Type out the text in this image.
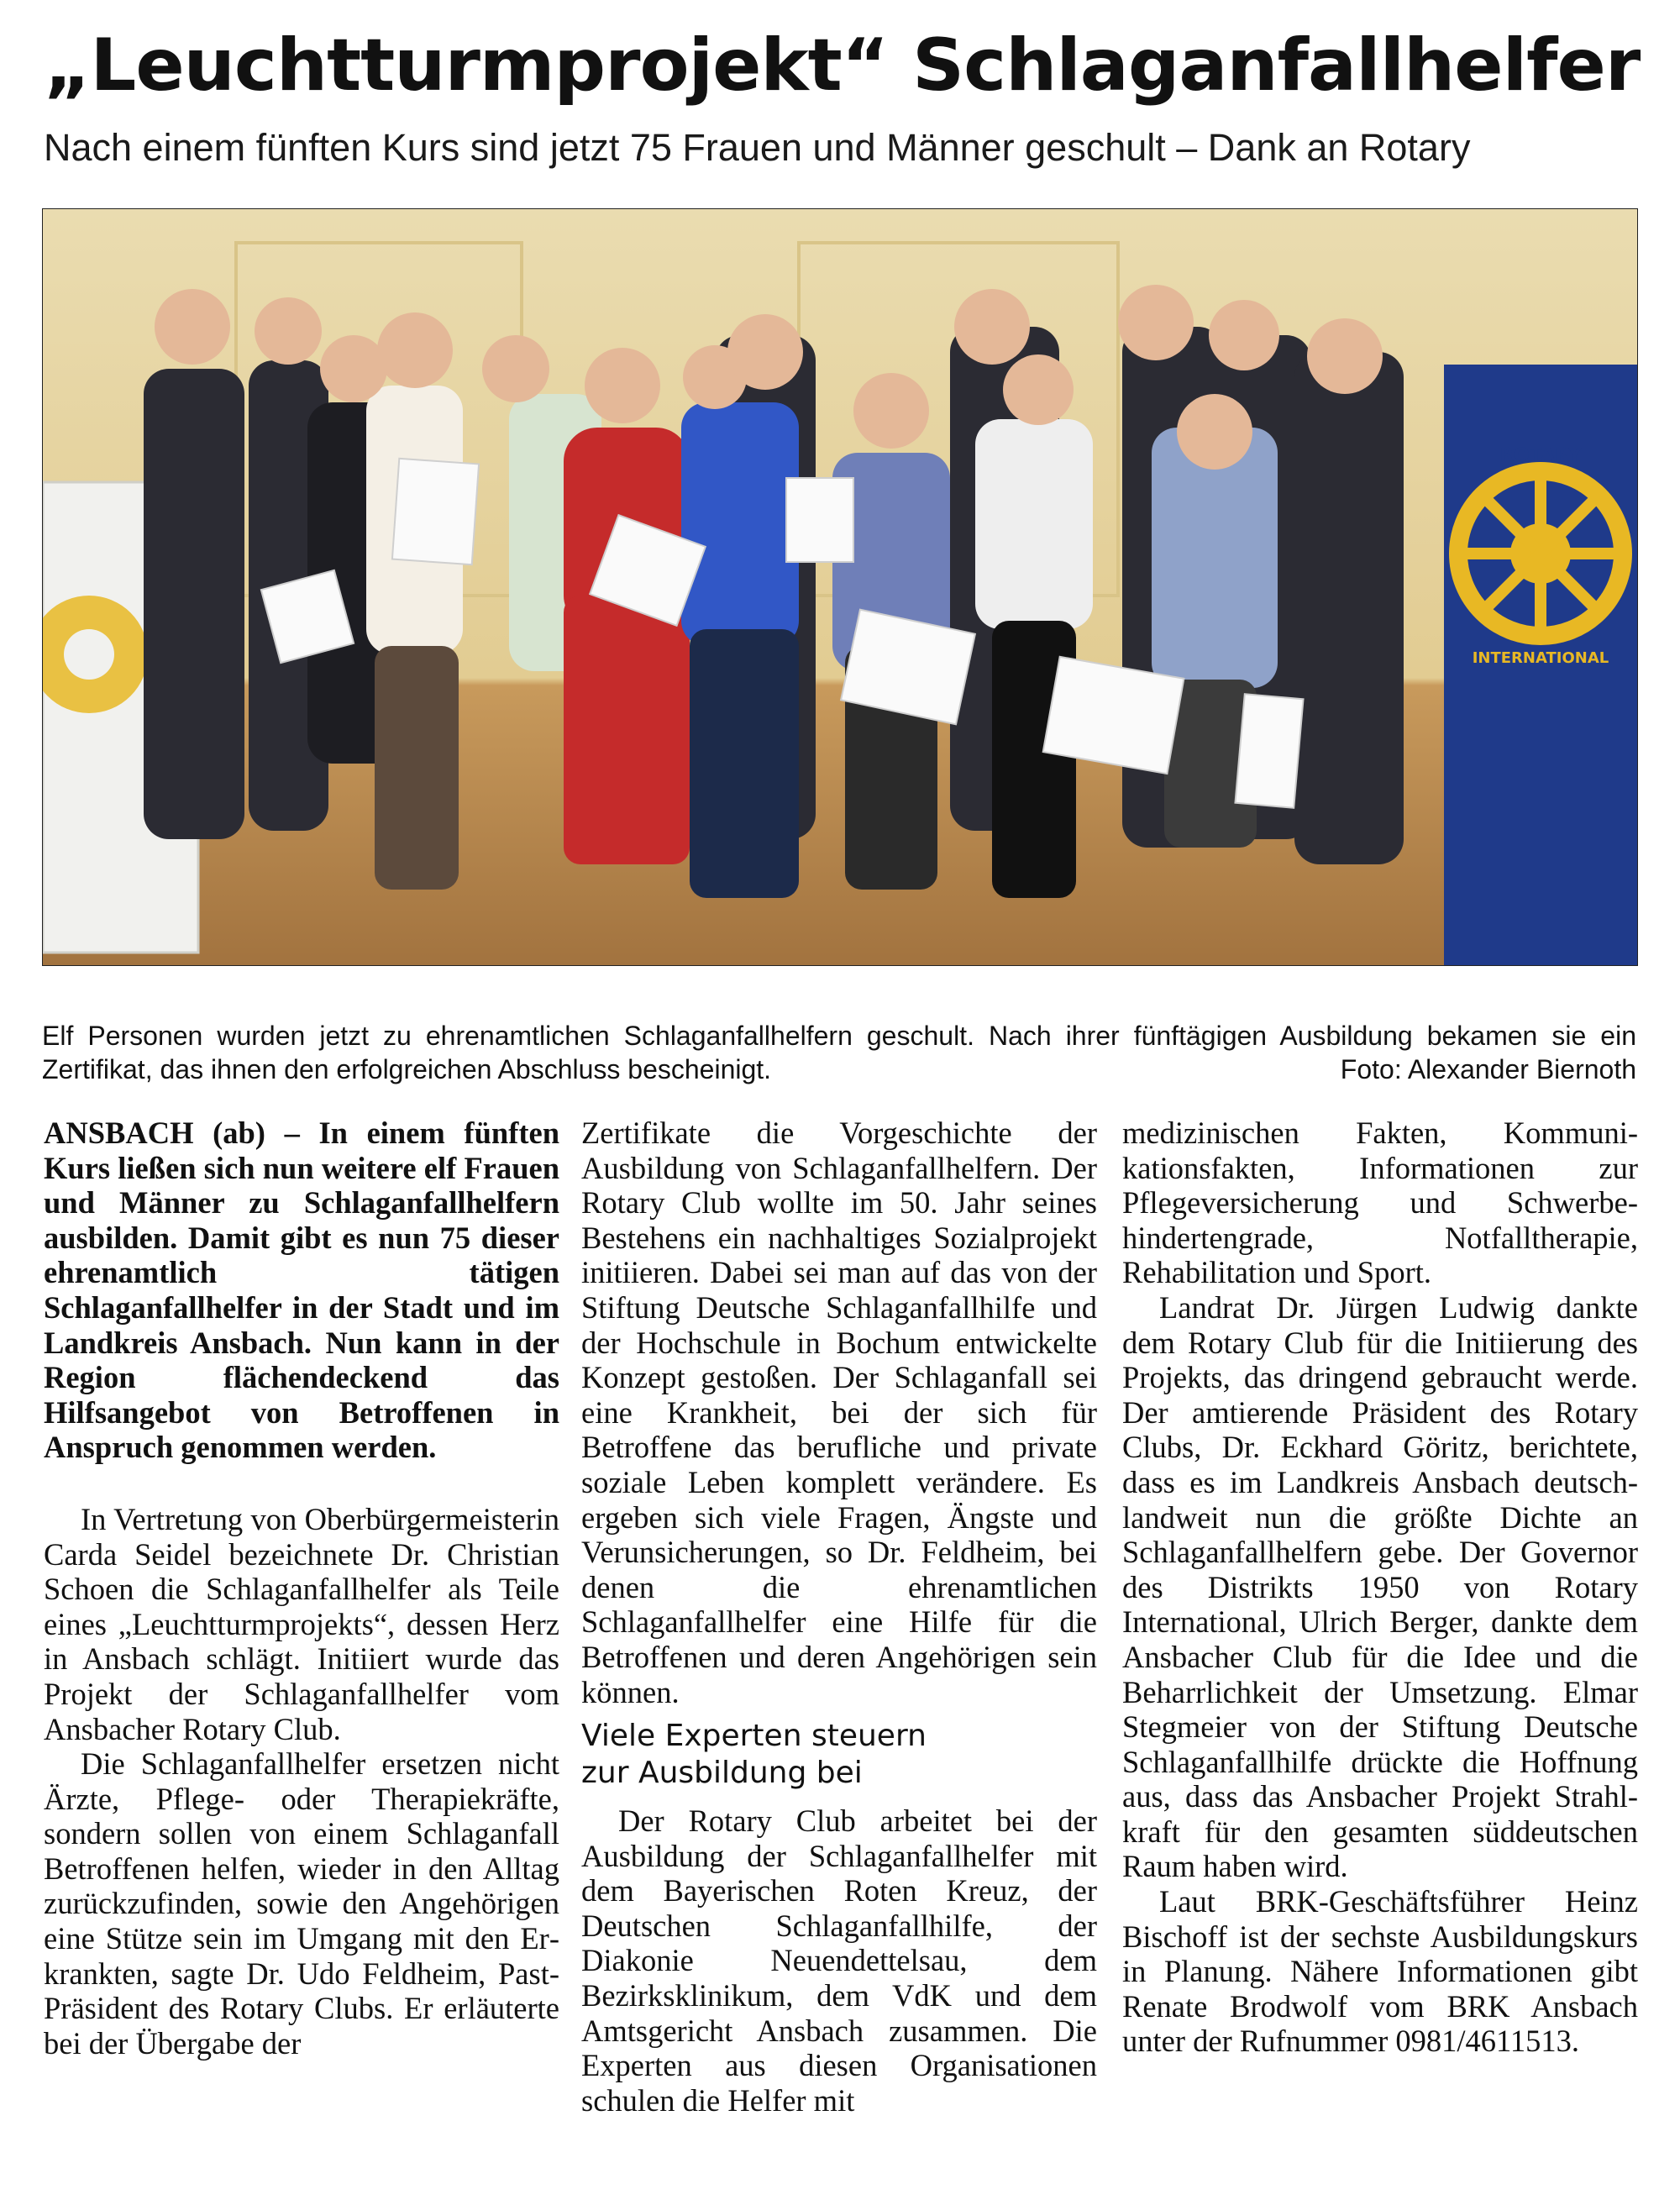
„Leuchtturmprojekt“ Schlaganfallhelfer
Nach einem fünften Kurs sind jetzt 75 Frauen und Männer geschult – Dank an Rotary
ROTARY
INTERNATIONAL
Elf Personen wurden jetzt zu ehrenamtlichen Schlaganfallhelfern geschult. Nach ihrer fünftägigen Ausbildung bekamen sie ein Zertifikat, das ihnen den erfolgreichen Abschluss bescheinigt.	Foto: Alexander Biernoth

ANSBACH (ab) – In einem fünften Kurs ließen sich nun weitere elf Frauen und Männer zu Schlaganfallhelfern ausbilden. Damit gibt es nun 75 dieser ehrenamtlich tätigen Schlaganfallhelfer in der Stadt und im Landkreis Ansbach. Nun kann in der Region flächendeckend das Hilfsangebot von Betroffenen in Anspruch genommen werden.

In Vertretung von Oberbürgermeisterin Carda Seidel bezeichnete Dr. Christian Schoen die Schlaganfallhelfer als Teile eines „Leuchtturmprojekts“, dessen Herz in Ansbach schlägt. Initiiert wurde das Projekt der Schlaganfallhelfer vom Ansbacher Rotary Club.

Die Schlaganfallhelfer ersetzen nicht Ärzte, Pflege- oder Therapiekräfte, sondern sollen von einem Schlaganfall Betroffenen helfen, wieder in den Alltag zurückzufinden, sowie den Angehörigen eine Stütze sein im Umgang mit den Erkrankten, sagte Dr. Udo Feldheim, Past-Präsident des Rotary Clubs. Er erläuterte bei der Übergabe der

Zertifikate die Vorgeschichte der Ausbildung von Schlaganfallhelfern. Der Rotary Club wollte im 50. Jahr seines Bestehens ein nachhaltiges Sozialprojekt initiieren. Dabei sei man auf das von der Stiftung Deutsche Schlaganfallhilfe und der Hochschule in Bochum entwickelte Konzept gestoßen. Der Schlaganfall sei eine Krankheit, bei der sich für Betroffene das berufliche und private soziale Leben komplett verändere. Es ergeben sich viele Fragen, Ängste und Verunsicherungen, so Dr. Feldheim, bei denen die ehrenamtlichen Schlaganfallhelfer eine Hilfe für die Betroffenen und deren Angehörigen sein können.

Viele Experten steuern
zur Ausbildung bei

Der Rotary Club arbeitet bei der Ausbildung der Schlaganfallhelfer mit dem Bayerischen Roten Kreuz, der Deutschen Schlaganfallhilfe, der Diakonie Neuendettelsau, dem Bezirksklinikum, dem VdK und dem Amtsgericht Ansbach zusammen. Die Experten aus diesen Organisationen schulen die Helfer mit

medizinischen Fakten, Kommunikationsfakten, Informationen zur Pflegeversicherung und Schwerbehindertengrade, Notfalltherapie, Rehabilitation und Sport.

Landrat Dr. Jürgen Ludwig dankte dem Rotary Club für die Initiierung des Projekts, das dringend gebraucht werde. Der amtierende Präsident des Rotary Clubs, Dr. Eckhard Göritz, berichtete, dass es im Landkreis Ansbach deutschlandweit nun die größte Dichte an Schlaganfallhelfern gebe. Der Governor des Distrikts 1950 von Rotary International, Ulrich Berger, dankte dem Ansbacher Club für die Idee und die Beharrlichkeit der Umsetzung. Elmar Stegmeier von der Stiftung Deutsche Schlaganfallhilfe drückte die Hoffnung aus, dass das Ansbacher Projekt Strahlkraft für den gesamten süddeutschen Raum haben wird.

Laut BRK-Geschäftsführer Heinz Bischoff ist der sechste Ausbildungskurs in Planung. Nähere Informationen gibt Renate Brodwolf vom BRK Ansbach unter der Rufnummer 0981/4611513.
